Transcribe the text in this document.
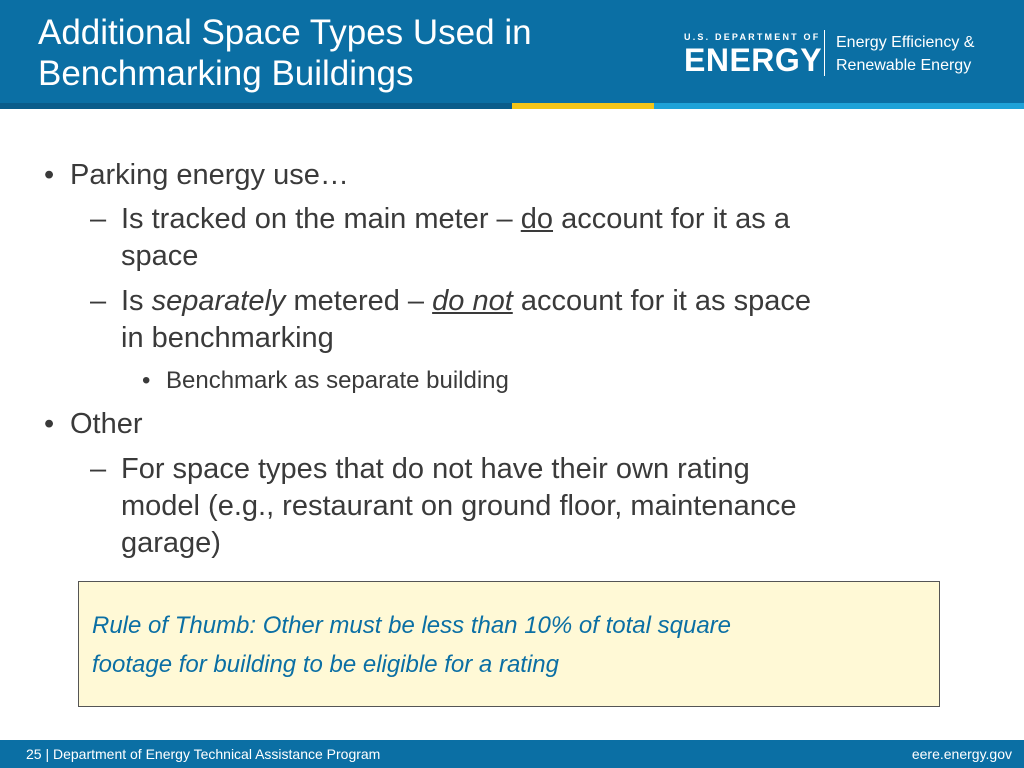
Additional Space Types Used in
Benchmarking Buildings
U.S. DEPARTMENT OF
ENERGY Energy Efficiency &
Renewable Energy
• Parking energy use…
– Is tracked on the main meter – do account for it as a
space
– Is separately metered – do not account for it as space
in benchmarking
• Benchmark as separate building
• Other
– For space types that do not have their own rating
model (e.g., restaurant on ground floor, maintenance
garage)
Rule of Thumb: Other must be less than 10% of total square
footage for building to be eligible for a rating
25 | Department of Energy Technical Assistance Program	eere.energy.gov
